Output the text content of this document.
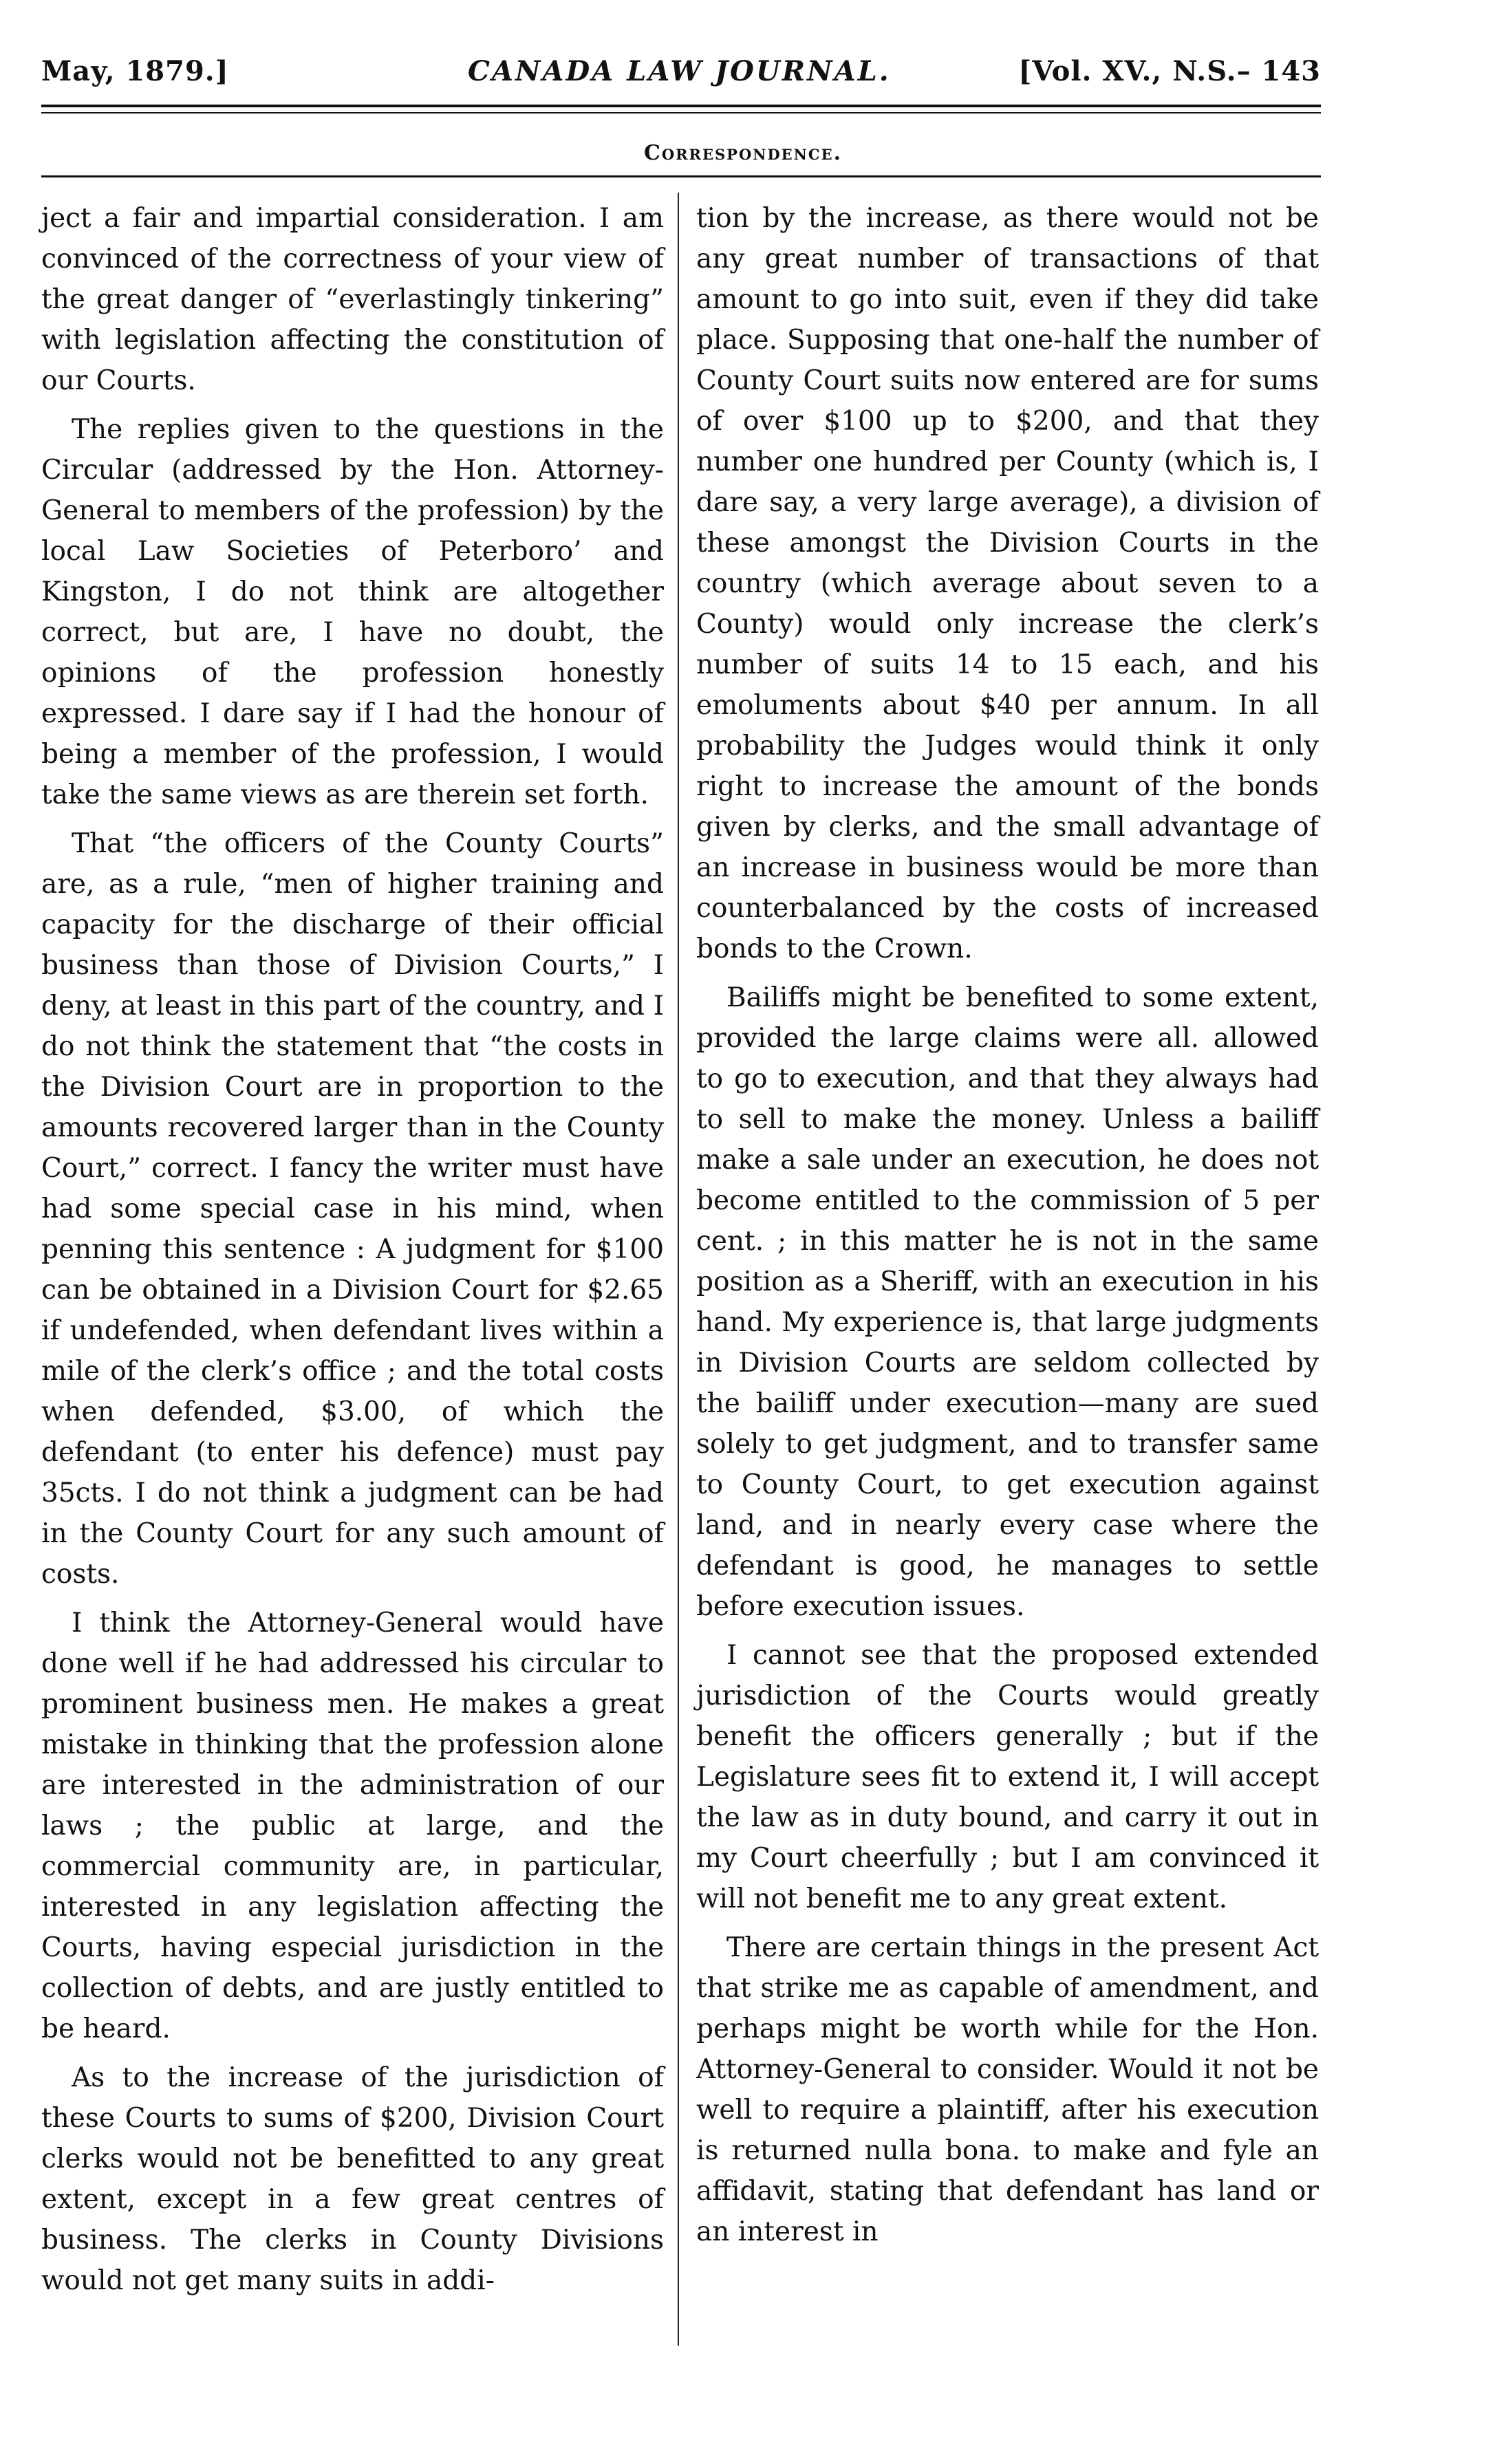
May, 1879.]	CANADA LAW JOURNAL.	[Vol. XV., N.S.– 143
Correspondence.

ject a fair and impartial consideration. I am convinced of the correctness of your view of the great danger of “everlastingly tinkering” with legislation affecting the constitution of our Courts.

The replies given to the questions in the Circular (addressed by the Hon. Attorney-General to members of the profession) by the local Law Societies of Peterboro’ and Kingston, I do not think are altogether correct, but are, I have no doubt, the opinions of the profession honestly expressed. I dare say if I had the honour of being a member of the profession, I would take the same views as are therein set forth.

That “the officers of the County Courts” are, as a rule, “men of higher training and capacity for the discharge of their official business than those of Division Courts,” I deny, at least in this part of the country, and I do not think the statement that “the costs in the Division Court are in proportion to the amounts recovered larger than in the County Court,” correct. I fancy the writer must have had some special case in his mind, when penning this sentence : A judgment for $100 can be obtained in a Division Court for $2.65 if undefended, when defendant lives within a mile of the clerk’s office ; and the total costs when defended, $3.00, of which the defendant (to enter his defence) must pay 35cts. I do not think a judgment can be had in the County Court for any such amount of costs.

I think the Attorney-General would have done well if he had addressed his circular to prominent business men. He makes a great mistake in thinking that the profession alone are interested in the administration of our laws ; the public at large, and the commercial community are, in particular, interested in any legislation affecting the Courts, having especial jurisdiction in the collection of debts, and are justly entitled to be heard.

As to the increase of the jurisdiction of these Courts to sums of $200, Division Court clerks would not be benefitted to any great extent, except in a few great centres of business. The clerks in County Divisions would not get many suits in addi-

tion by the increase, as there would not be any great number of transactions of that amount to go into suit, even if they did take place. Supposing that one-half the number of County Court suits now entered are for sums of over $100 up to $200, and that they number one hundred per County (which is, I dare say, a very large average), a division of these amongst the Division Courts in the country (which average about seven to a County) would only increase the clerk’s number of suits 14 to 15 each, and his emoluments about $40 per annum. In all probability the Judges would think it only right to increase the amount of the bonds given by clerks, and the small advantage of an increase in business would be more than counterbalanced by the costs of increased bonds to the Crown.

Bailiffs might be benefited to some extent, provided the large claims were all. allowed to go to execution, and that they always had to sell to make the money. Unless a bailiff make a sale under an execution, he does not become entitled to the commission of 5 per cent. ; in this matter he is not in the same position as a Sheriff, with an execution in his hand. My experience is, that large judgments in Division Courts are seldom collected by the bailiff under execution—many are sued solely to get judgment, and to transfer same to County Court, to get execution against land, and in nearly every case where the defendant is good, he manages to settle before execution issues.

I cannot see that the proposed extended jurisdiction of the Courts would greatly benefit the officers generally ; but if the Legislature sees fit to extend it, I will accept the law as in duty bound, and carry it out in my Court cheerfully ; but I am convinced it will not benefit me to any great extent.

There are certain things in the present Act that strike me as capable of amendment, and perhaps might be worth while for the Hon. Attorney-General to consider. Would it not be well to require a plaintiff, after his execution is returned nulla bona. to make and fyle an affidavit, stating that defendant has land or an interest in
